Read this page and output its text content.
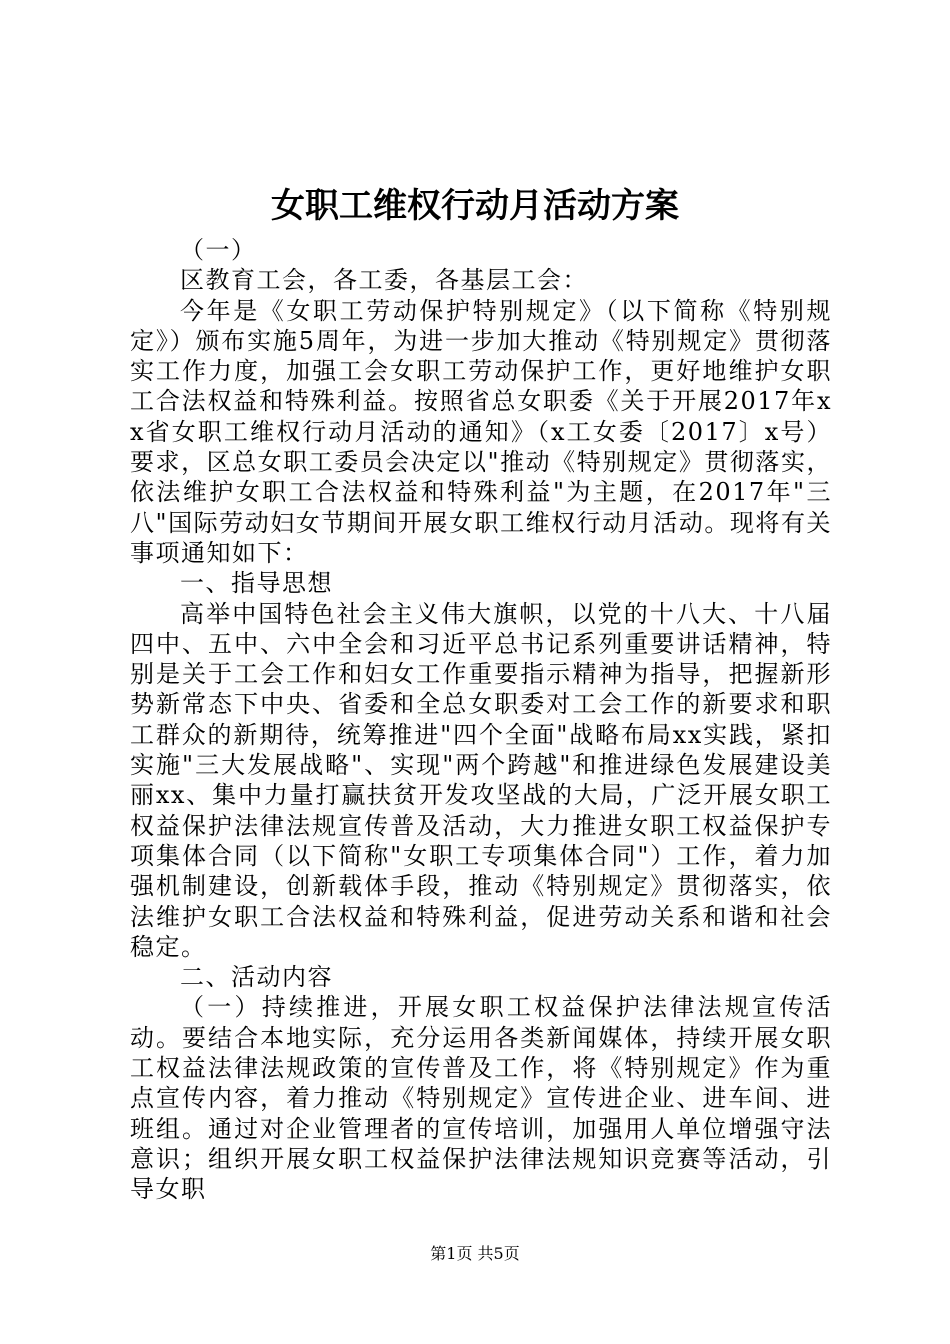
女职工维权行动月活动方案

（一）

区教育工会，各工委，各基层工会：

今年是《女职工劳动保护特别规定》（以下简称《特别规定》）颁布实施5周年，为进一步加大推动《特别规定》贯彻落实工作力度，加强工会女职工劳动保护工作，更好地维护女职工合法权益和特殊利益。按照省总女职委《关于开展2017年xx省女职工维权行动月活动的通知》（x工女委〔2017〕x号）要求，区总女职工委员会决定以"推动《特别规定》贯彻落实，依法维护女职工合法权益和特殊利益"为主题，在2017年"三八"国际劳动妇女节期间开展女职工维权行动月活动。现将有关事项通知如下：

一、指导思想

高举中国特色社会主义伟大旗帜，以党的十八大、十八届四中、五中、六中全会和习近平总书记系列重要讲话精神，特别是关于工会工作和妇女工作重要指示精神为指导，把握新形势新常态下中央、省委和全总女职委对工会工作的新要求和职工群众的新期待，统筹推进"四个全面"战略布局xx实践，紧扣实施"三大发展战略"、实现"两个跨越"和推进绿色发展建设美丽xx、集中力量打赢扶贫开发攻坚战的大局，广泛开展女职工权益保护法律法规宣传普及活动，大力推进女职工权益保护专项集体合同（以下简称"女职工专项集体合同"）工作，着力加强机制建设，创新载体手段，推动《特别规定》贯彻落实，依法维护女职工合法权益和特殊利益，促进劳动关系和谐和社会稳定。

二、活动内容

（一）持续推进，开展女职工权益保护法律法规宣传活动。要结合本地实际，充分运用各类新闻媒体，持续开展女职工权益法律法规政策的宣传普及工作，将《特别规定》作为重点宣传内容，着力推动《特别规定》宣传进企业、进车间、进班组。通过对企业管理者的宣传培训，加强用人单位增强守法意识；组织开展女职工权益保护法律法规知识竞赛等活动，引导女职

第1页 共5页
